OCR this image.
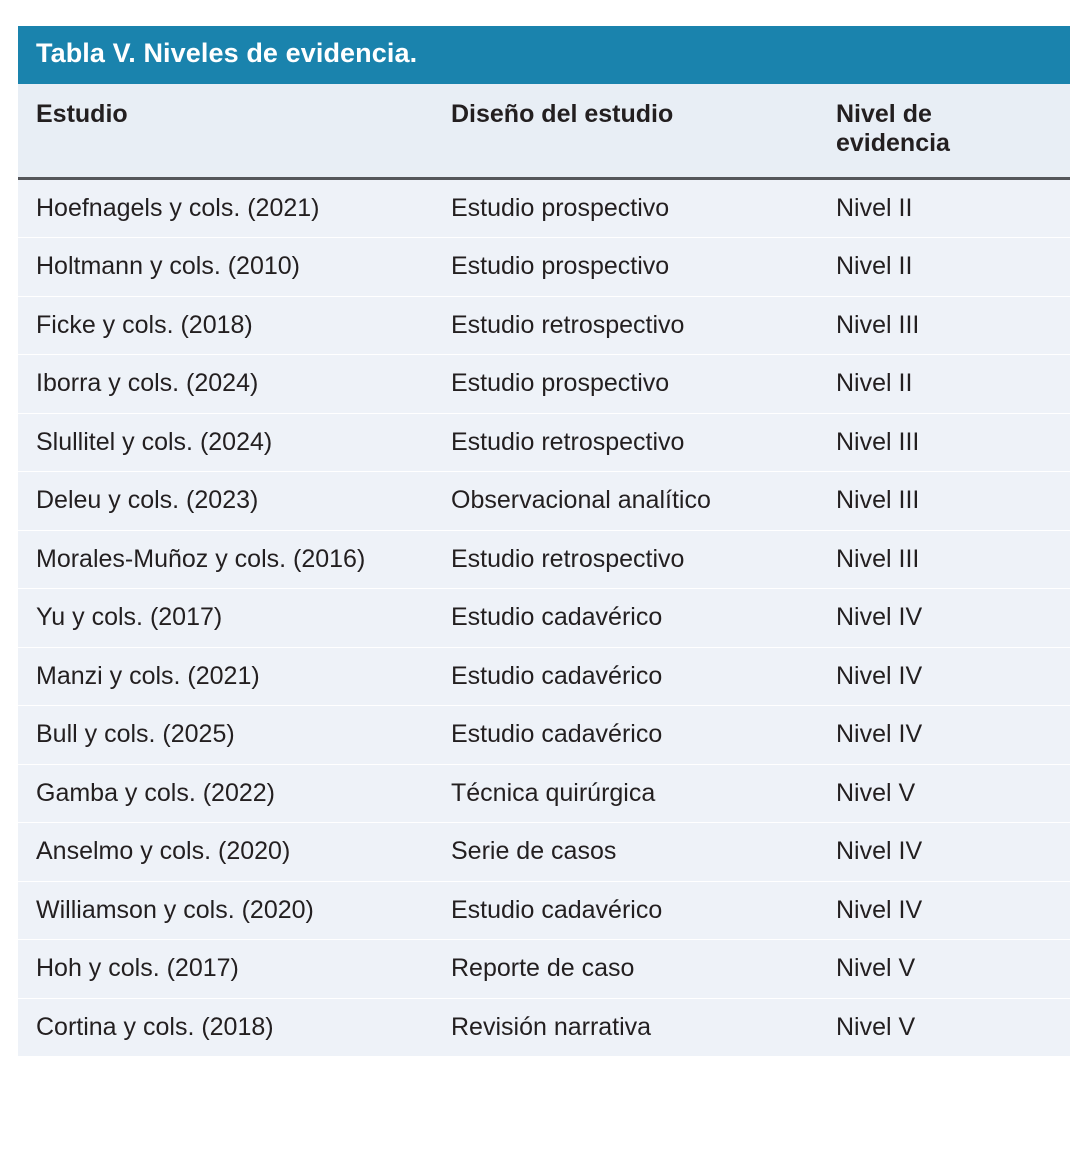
Tabla V. Niveles de evidencia.		

Estudio	Diseño del estudio	Nivel de
evidencia

Hoefnagels y cols. (2021)	Estudio prospectivo	Nivel II

Holtmann y cols. (2010)	Estudio prospectivo	Nivel II

Ficke y cols. (2018)	Estudio retrospectivo	Nivel III

Iborra y cols. (2024)	Estudio prospectivo	Nivel II

Slullitel y cols. (2024)	Estudio retrospectivo	Nivel III

Deleu y cols. (2023)	Observacional analítico	Nivel III

Morales-Muñoz y cols. (2016)	Estudio retrospectivo	Nivel III

Yu y cols. (2017)	Estudio cadavérico	Nivel IV

Manzi y cols. (2021)	Estudio cadavérico	Nivel IV

Bull y cols. (2025)	Estudio cadavérico	Nivel IV

Gamba y cols. (2022)	Técnica quirúrgica	Nivel V

Anselmo y cols. (2020)	Serie de casos	Nivel IV

Williamson y cols. (2020)	Estudio cadavérico	Nivel IV

Hoh y cols. (2017)	Reporte de caso	Nivel V

Cortina y cols. (2018)	Revisión narrativa	Nivel V
